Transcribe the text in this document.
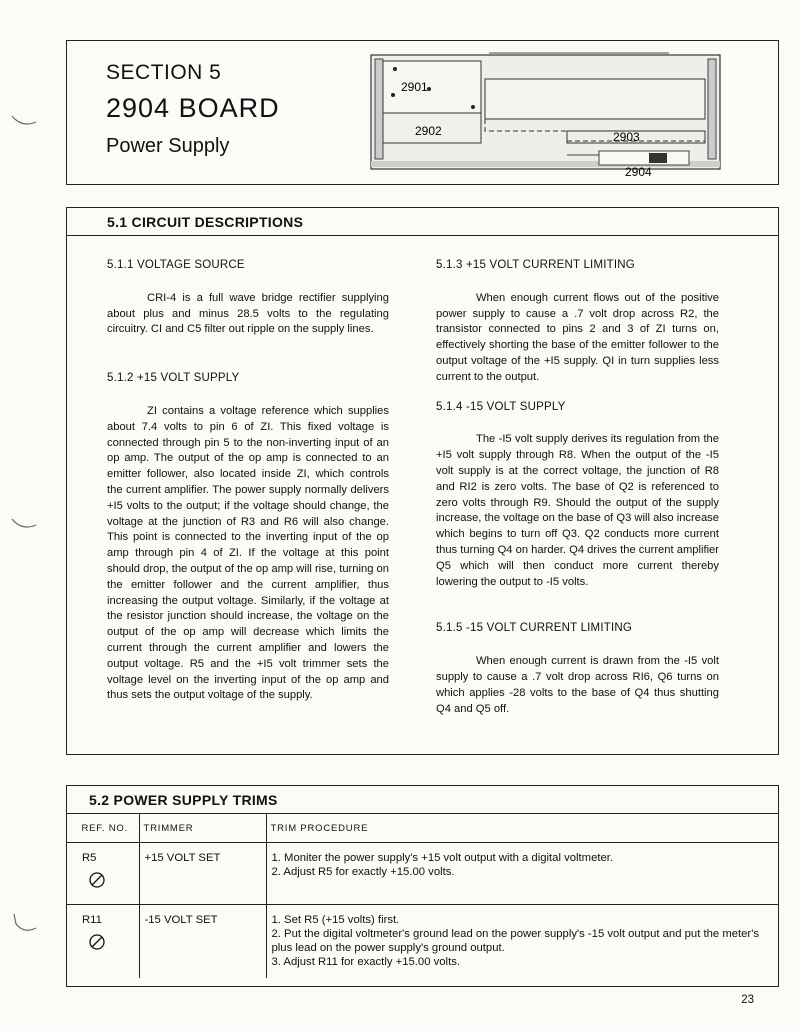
SECTION 5
2904 BOARD
Power Supply
2901
2902	2903
2904
5.1 CIRCUIT DESCRIPTIONS

5.1.1 VOLTAGE SOURCE

CRI-4 is a full wave bridge rectifier supplying about plus and minus 28.5 volts to the regulating circuitry. CI and C5 filter out ripple on the supply lines.

5.1.2 +15 VOLT SUPPLY

ZI contains a voltage reference which supplies about 7.4 volts to pin 6 of ZI. This fixed voltage is connected through pin 5 to the non-inverting input of an op amp. The output of the op amp is connected to an emitter follower, also located inside ZI, which controls the current amplifier. The power supply normally delivers +I5 volts to the output; if the voltage should change, the voltage at the junction of R3 and R6 will also change. This point is connected to the inverting input of the op amp through pin 4 of ZI. If the voltage at this point should drop, the output of the op amp will rise, turning on the emitter follower and the current amplifier, thus increasing the output voltage. Similarly, if the voltage at the resistor junction should increase, the voltage on the output of the op amp will decrease which limits the current through the current amplifier and lowers the output voltage. R5 and the +I5 volt trimmer sets the voltage level on the inverting input of the op amp and thus sets the output voltage of the supply.

5.1.3 +15 VOLT CURRENT LIMITING

When enough current flows out of the positive power supply to cause a .7 volt drop across R2, the transistor connected to pins 2 and 3 of ZI turns on, effectively shorting the base of the emitter follower to the output voltage of the +I5 supply. QI in turn supplies less current to the output.

5.1.4 -15 VOLT SUPPLY

The -I5 volt supply derives its regulation from the +I5 volt supply through R8. When the output of the -I5 volt supply is at the correct voltage, the junction of R8 and RI2 is zero volts. The base of Q2 is referenced to zero volts through R9. Should the output of the supply increase, the voltage on the base of Q3 will also increase which begins to turn off Q3. Q2 conducts more current thus turning Q4 on harder. Q4 drives the current amplifier Q5 which will then conduct more current thereby lowering the output to -I5 volts.

5.1.5 -15 VOLT CURRENT LIMITING

When enough current is drawn from the -I5 volt supply to cause a .7 volt drop across RI6, Q6 turns on which applies -28 volts to the base of Q4 thus shutting Q4 and Q5 off.

5.2 POWER SUPPLY TRIMS
REF. NO.	TRIMMER	TRIM PROCEDURE

R5	+15 VOLT SET	1. Moniter the power supply's +15 volt output with a digital voltmeter.
2. Adjust R5 for exactly +15.00 volts.

R11	-15 VOLT SET	1. Set R5 (+15 volts) first.
2. Put the digital voltmeter's ground lead on the power supply's -15 volt output and put the meter's plus lead on the power supply's ground output.
3. Adjust R11 for exactly +15.00 volts.
23
